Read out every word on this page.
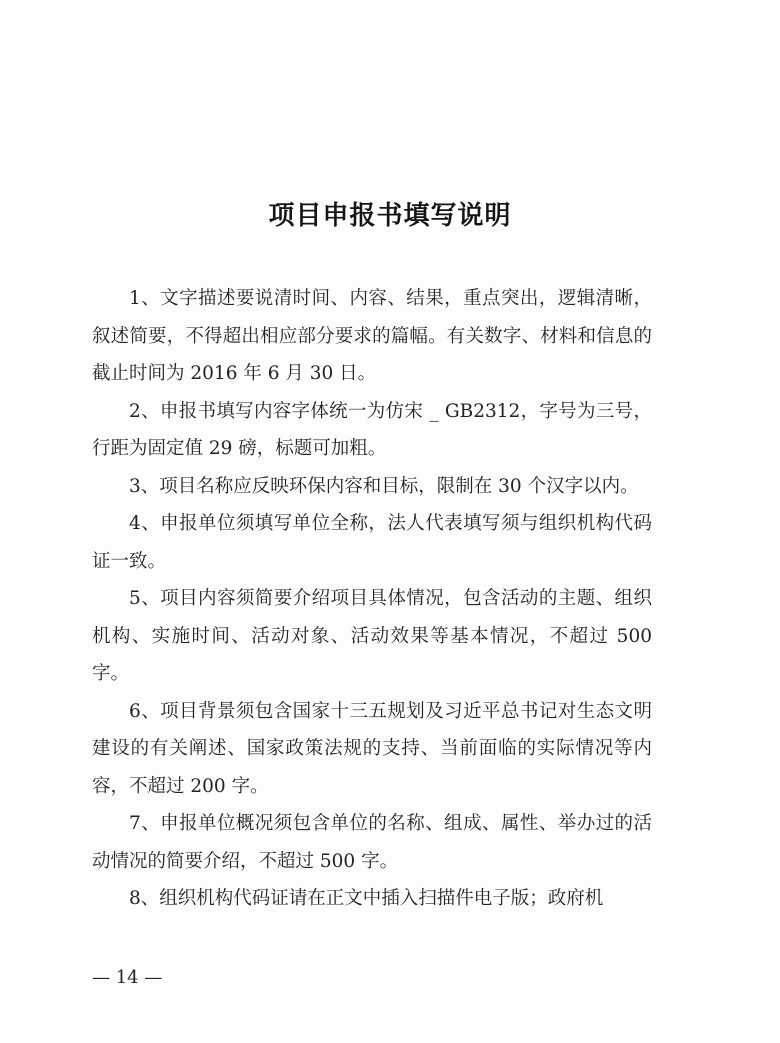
项目申报书填写说明

1、文字描述要说清时间、内容、结果，重点突出，逻辑清晰，叙述简要，不得超出相应部分要求的篇幅。有关数字、材料和信息的截止时间为 2016 年 6 月 30 日。

2、申报书填写内容字体统一为仿宋 _ GB2312，字号为三号，行距为固定值 29 磅，标题可加粗。

3、项目名称应反映环保内容和目标，限制在 30 个汉字以内。

4、申报单位须填写单位全称，法人代表填写须与组织机构代码证一致。

5、项目内容须简要介绍项目具体情况，包含活动的主题、组织机构、实施时间、活动对象、活动效果等基本情况，不超过 500 字。

6、项目背景须包含国家十三五规划及习近平总书记对生态文明建设的有关阐述、国家政策法规的支持、当前面临的实际情况等内容，不超过 200 字。

7、申报单位概况须包含单位的名称、组成、属性、举办过的活动情况的简要介绍，不超过 500 字。

8、组织机构代码证请在正文中插入扫描件电子版；政府机

— 14 —
